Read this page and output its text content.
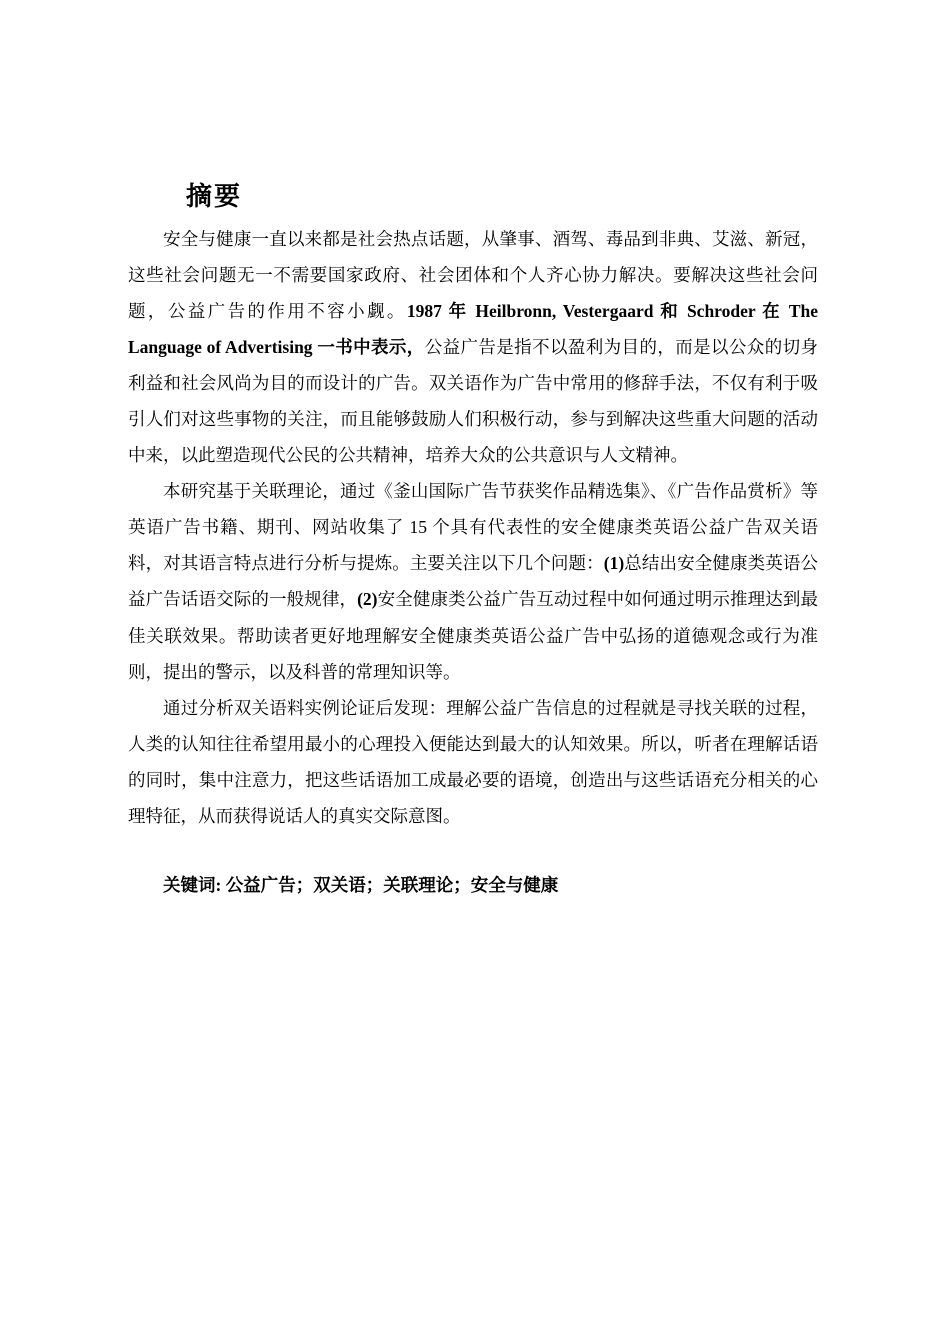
摘要

安全与健康一直以来都是社会热点话题，从肇事、酒驾、毒品到非典、艾滋、新冠，这些社会问题无一不需要国家政府、社会团体和个人齐心协力解决。要解决这些社会问题，公益广告的作用不容小觑。1987 年 Heilbronn, Vestergaard 和 Schroder 在 The Language of Advertising 一书中表示，公益广告是指不以盈利为目的，而是以公众的切身利益和社会风尚为目的而设计的广告。双关语作为广告中常用的修辞手法，不仅有利于吸引人们对这些事物的关注，而且能够鼓励人们积极行动，参与到解决这些重大问题的活动中来，以此塑造现代公民的公共精神，培养大众的公共意识与人文精神。

本研究基于关联理论，通过《釜山国际广告节获奖作品精选集》、《广告作品赏析》等英语广告书籍、期刊、网站收集了 15 个具有代表性的安全健康类英语公益广告双关语料，对其语言特点进行分析与提炼。主要关注以下几个问题：(1)总结出安全健康类英语公益广告话语交际的一般规律，(2)安全健康类公益广告互动过程中如何通过明示推理达到最佳关联效果。帮助读者更好地理解安全健康类英语公益广告中弘扬的道德观念或行为准则，提出的警示，以及科普的常理知识等。

通过分析双关语料实例论证后发现：理解公益广告信息的过程就是寻找关联的过程，人类的认知往往希望用最小的心理投入便能达到最大的认知效果。所以，听者在理解话语的同时，集中注意力，把这些话语加工成最必要的语境，创造出与这些话语充分相关的心理特征，从而获得说话人的真实交际意图。

关键词: 公益广告；双关语；关联理论；安全与健康
